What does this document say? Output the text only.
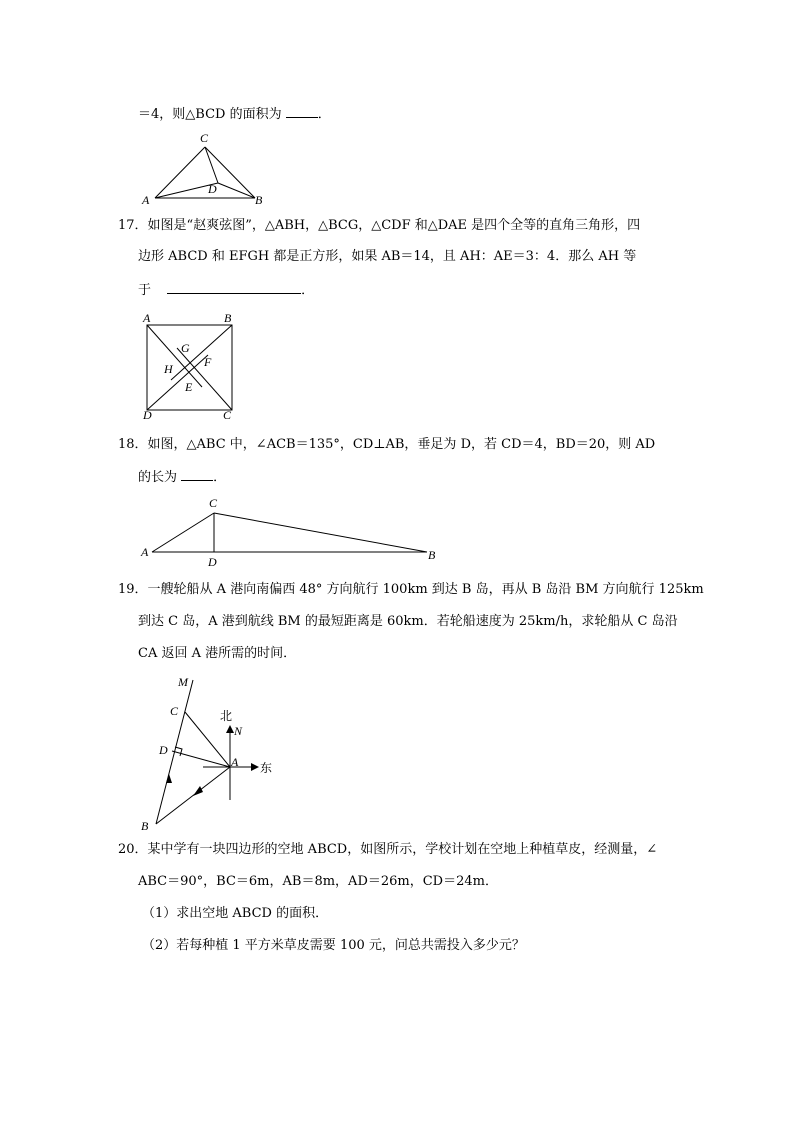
＝4，则△BCD 的面积为 ．
C
D
A	B
17．如图是“赵爽弦图”，△ABH，△BCG，△CDF 和△DAE 是四个全等的直角三角形，四
边形 ABCD 和 EFGH 都是正方形，如果 AB＝14，且 AH：AE＝3：4．那么 AH 等
于	．
A	B
G
F
H
E
D	C
18．如图，△ABC 中，∠ACB＝135°，CD⊥AB，垂足为 D，若 CD＝4，BD＝20，则 AD
的长为 ．
C
A	B
D
19．一艘轮船从 A 港向南偏西 48° 方向航行 100km 到达 B 岛，再从 B 岛沿 BM 方向航行 125km
到达 C 岛，A 港到航线 BM 的最短距离是 60km．若轮船速度为 25km/h，求轮船从 C 岛沿
CA 返回 A 港所需的时间．
M
C	北
N
D
A 东
B
20．某中学有一块四边形的空地 ABCD，如图所示，学校计划在空地上种植草皮，经测量，∠
ABC＝90°，BC＝6m，AB＝8m，AD＝26m，CD＝24m．
（1）求出空地 ABCD 的面积．
（2）若每种植 1 平方米草皮需要 100 元，问总共需投入多少元？
